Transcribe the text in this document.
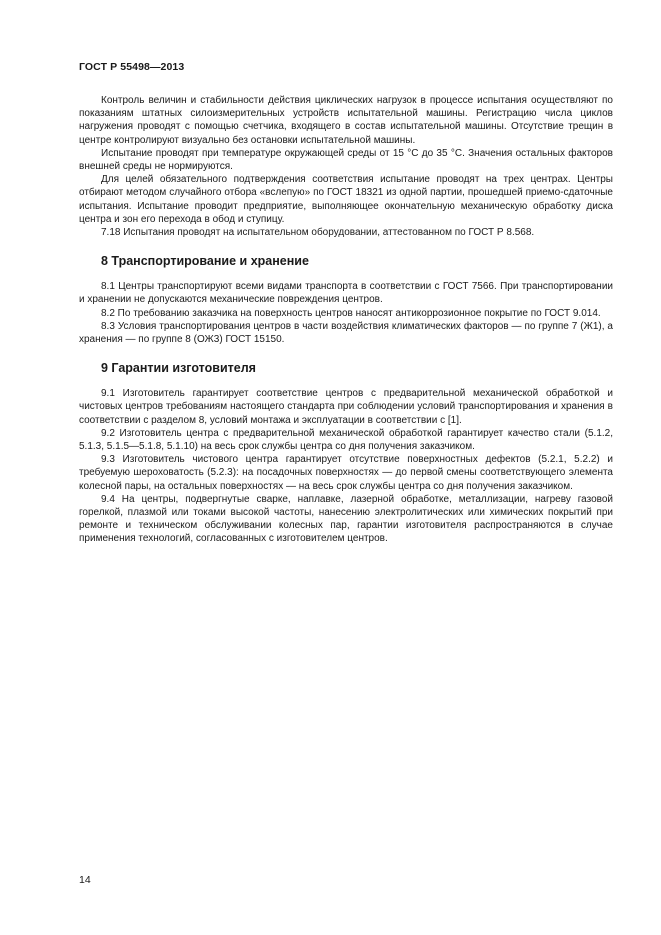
ГОСТ Р 55498—2013

Контроль величин и стабильности действия циклических нагрузок в процессе испытания осуществляют по показаниям штатных силоизмерительных устройств испытательной машины. Регистрацию числа циклов нагружения проводят с помощью счетчика, входящего в состав испытательной машины. Отсутствие трещин в центре контролируют визуально без остановки испытательной машины.

Испытание проводят при температуре окружающей среды от 15 °С до 35 °С. Значения остальных факторов внешней среды не нормируются.

Для целей обязательного подтверждения соответствия испытание проводят на трех центрах. Центры отбирают методом случайного отбора «вслепую» по ГОСТ 18321 из одной партии, прошедшей приемо-сдаточные испытания. Испытание проводит предприятие, выполняющее окончательную механическую обработку диска центра и зон его перехода в обод и ступицу.

7.18 Испытания проводят на испытательном оборудовании, аттестованном по ГОСТ Р 8.568.

8 Транспортирование и хранение

8.1 Центры транспортируют всеми видами транспорта в соответствии с ГОСТ 7566. При транспортировании и хранении не допускаются механические повреждения центров.

8.2 По требованию заказчика на поверхность центров наносят антикоррозионное покрытие по ГОСТ 9.014.

8.3 Условия транспортирования центров в части воздействия климатических факторов — по группе 7 (Ж1), а хранения — по группе 8 (ОЖ3) ГОСТ 15150.

9 Гарантии изготовителя

9.1 Изготовитель гарантирует соответствие центров с предварительной механической обработкой и чистовых центров требованиям настоящего стандарта при соблюдении условий транспортирования и хранения в соответствии с разделом 8, условий монтажа и эксплуатации в соответствии с [1].

9.2 Изготовитель центра с предварительной механической обработкой гарантирует качество стали (5.1.2, 5.1.3, 5.1.5—5.1.8, 5.1.10) на весь срок службы центра со дня получения заказчиком.

9.3 Изготовитель чистового центра гарантирует отсутствие поверхностных дефектов (5.2.1, 5.2.2) и требуемую шероховатость (5.2.3): на посадочных поверхностях — до первой смены соответствующего элемента колесной пары, на остальных поверхностях — на весь срок службы центра со дня получения заказчиком.

9.4 На центры, подвергнутые сварке, наплавке, лазерной обработке, металлизации, нагреву газовой горелкой, плазмой или токами высокой частоты, нанесению электролитических или химических покрытий при ремонте и техническом обслуживании колесных пар, гарантии изготовителя распространяются в случае применения технологий, согласованных с изготовителем центров.

14
